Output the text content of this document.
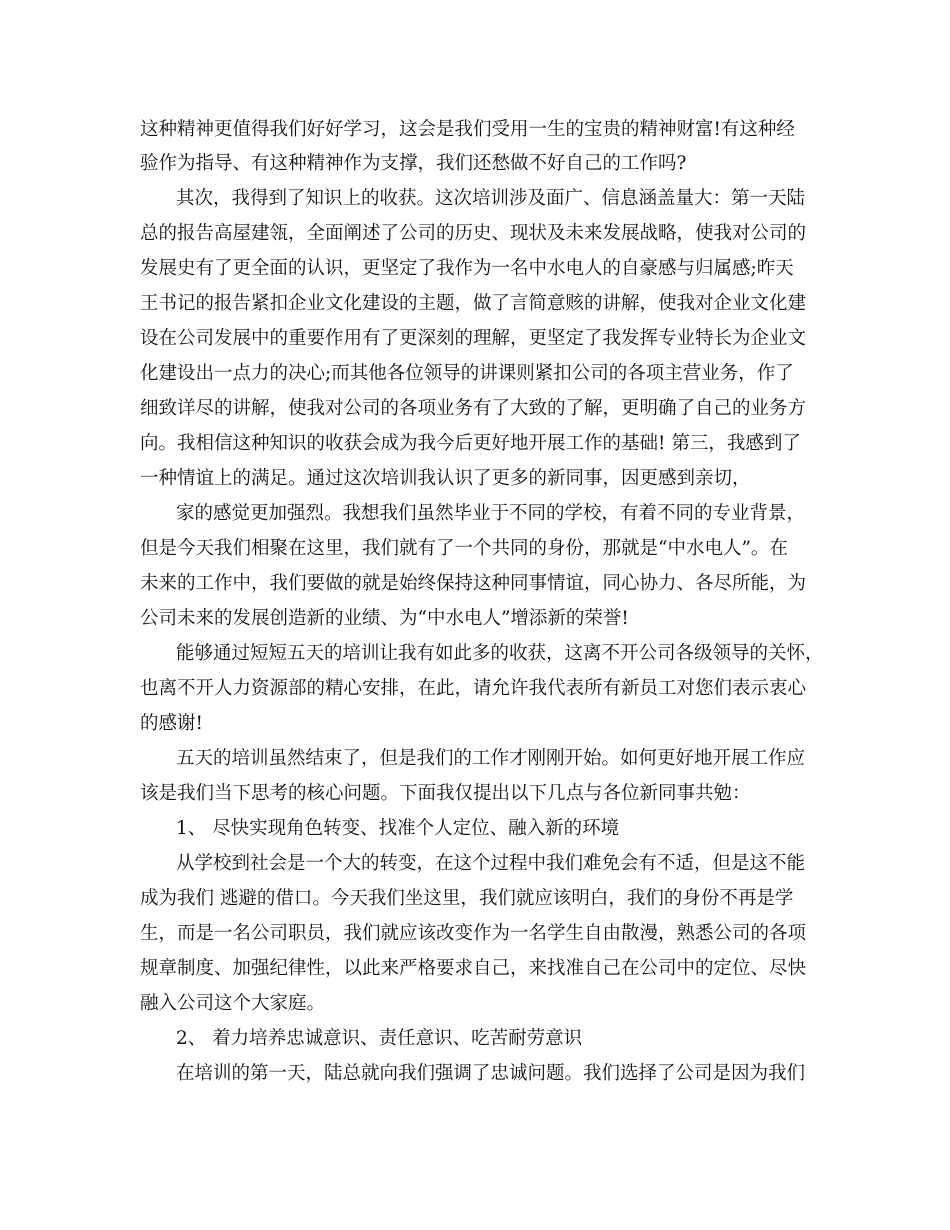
这种精神更值得我们好好学习，这会是我们受用一生的宝贵的精神财富!有这种经
验作为指导、有这种精神作为支撑，我们还愁做不好自己的工作吗?
其次，我得到了知识上的收获。这次培训涉及面广、信息涵盖量大：第一天陆
总的报告高屋建瓴，全面阐述了公司的历史、现状及未来发展战略，使我对公司的
发展史有了更全面的认识，更坚定了我作为一名中水电人的自豪感与归属感;昨天
王书记的报告紧扣企业文化建设的主题，做了言简意赅的讲解，使我对企业文化建
设在公司发展中的重要作用有了更深刻的理解，更坚定了我发挥专业特长为企业文
化建设出一点力的决心;而其他各位领导的讲课则紧扣公司的各项主营业务，作了
细致详尽的讲解，使我对公司的各项业务有了大致的了解，更明确了自己的业务方
向。我相信这种知识的收获会成为我今后更好地开展工作的基础! 第三，我感到了
一种情谊上的满足。通过这次培训我认识了更多的新同事，因更感到亲切，
家的感觉更加强烈。我想我们虽然毕业于不同的学校，有着不同的专业背景，
但是今天我们相聚在这里，我们就有了一个共同的身份，那就是“中水电人”。在
未来的工作中，我们要做的就是始终保持这种同事情谊，同心协力、各尽所能，为
公司未来的发展创造新的业绩、为“中水电人”增添新的荣誉!
能够通过短短五天的培训让我有如此多的收获，这离不开公司各级领导的关怀，
也离不开人力资源部的精心安排，在此，请允许我代表所有新员工对您们表示衷心
的感谢!
五天的培训虽然结束了，但是我们的工作才刚刚开始。如何更好地开展工作应
该是我们当下思考的核心问题。下面我仅提出以下几点与各位新同事共勉：
1、 尽快实现角色转变、找准个人定位、融入新的环境
从学校到社会是一个大的转变，在这个过程中我们难免会有不适，但是这不能
成为我们 逃避的借口。今天我们坐这里，我们就应该明白，我们的身份不再是学
生，而是一名公司职员，我们就应该改变作为一名学生自由散漫，熟悉公司的各项
规章制度、加强纪律性，以此来严格要求自己，来找准自己在公司中的定位、尽快
融入公司这个大家庭。
2、 着力培养忠诚意识、责任意识、吃苦耐劳意识
在培训的第一天，陆总就向我们强调了忠诚问题。我们选择了公司是因为我们
